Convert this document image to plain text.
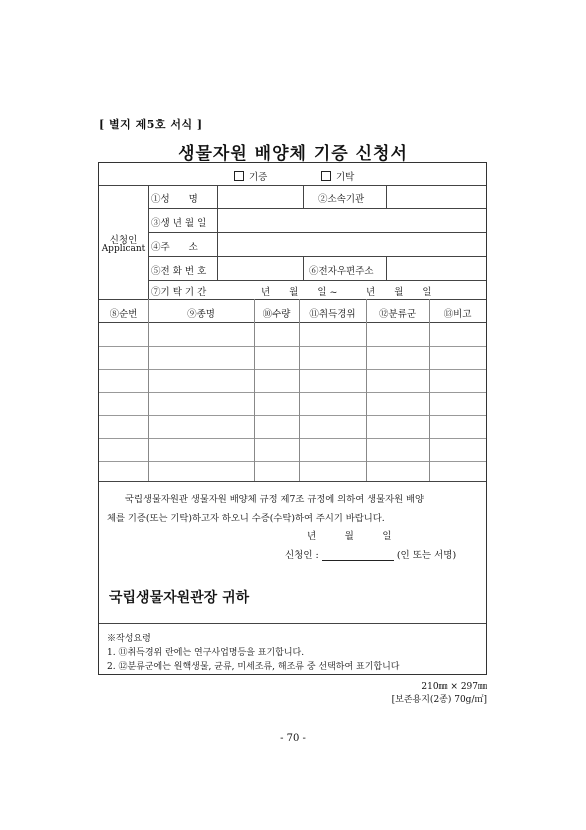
[ 별지 제5호 서식 ]
생물자원 배양체 기증 신청서
기증	기탁
신청인
Applicant
①성　　명	②소속기관
③생 년 월 일
④주　　소
⑤전 화 번 호	⑥전자우편주소
⑦기 탁 기 간	년　　월　　일 ~　　　년　　월　　일
⑧순번	⑨종명	⑩수량	⑪취득경위	⑫분류군	⑬비고
국립생물자원관 생물자원 배양체 규정 제7조 규정에 의하여 생물자원 배양
체를 기증(또는 기탁)하고자 하오니 수증(수탁)하여 주시기 바랍니다.
년　　　월　　　일
신청인 :	(인 또는 서명)
국립생물자원관장 귀하
※작성요령
1. ⑪취득경위 란에는 연구사업명등을 표기합니다.
2. ⑫분류군에는 원핵생물, 균류, 미세조류, 해조류 중 선택하여 표기합니다
210㎜ × 297㎜
[보존용지(2종) 70g/㎡]
- 70 -
